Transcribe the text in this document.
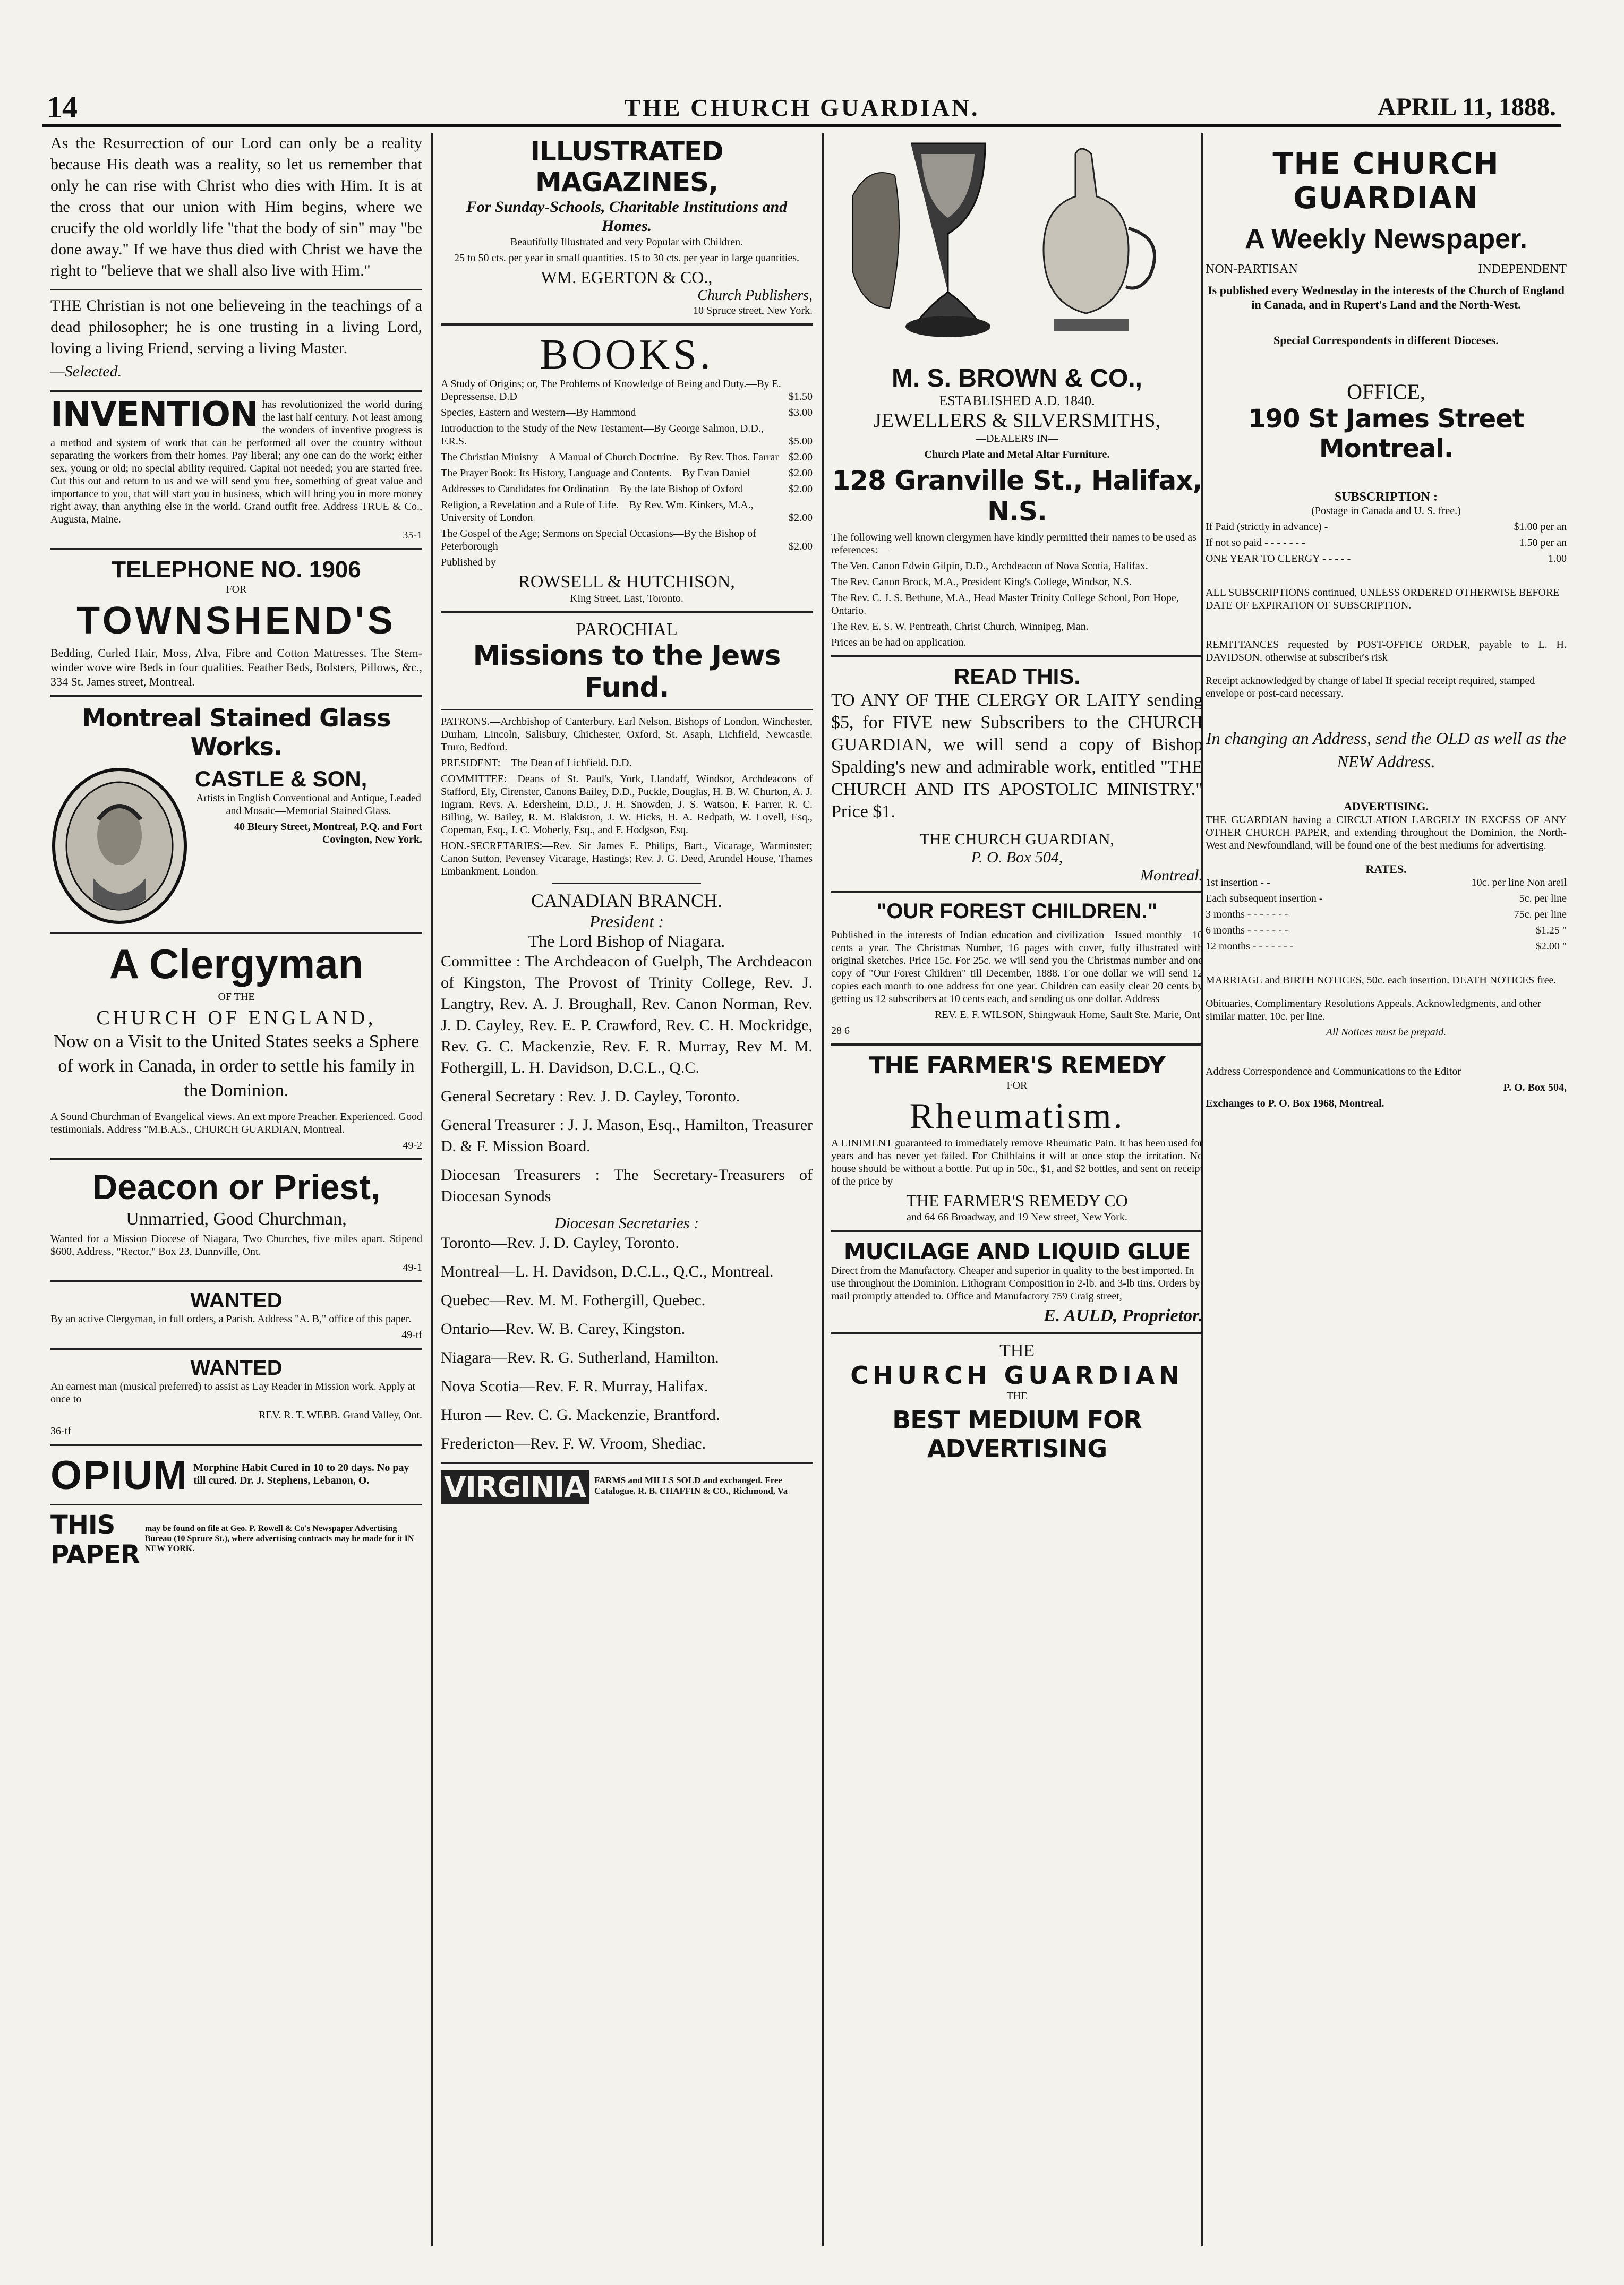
14	THE CHURCH GUARDIAN.	APRIL 11, 1888.

As the Resurrection of our Lord can only be a reality because His death was a reality, so let us remember that only he can rise with Christ who dies with Him. It is at the cross that our union with Him begins, where we crucify the old worldly life "that the body of sin" may "be done away." If we have thus died with Christ we have the right to "believe that we shall also live with Him."

THE Christian is not one believeing in the teachings of a dead philosopher; he is one trusting in a living Lord, loving a living Friend, serving a living Master.

—Selected.

INVENTION has revolutionized the world during the last half century. Not least among the wonders of inventive progress is a method and system of work that can be performed all over the country without separating the workers from their homes. Pay liberal; any one can do the work; either sex, young or old; no special ability required. Capital not needed; you are started free. Cut this out and return to us and we will send you free, something of great value and importance to you, that will start you in business, which will bring you in more money right away, than anything else in the world. Grand outfit free. Address TRUE & Co., Augusta, Maine.

35-1
TELEPHONE NO. 1906
FOR
TOWNSHEND'S

Bedding, Curled Hair, Moss, Alva, Fibre and Cotton Mattresses. The Stem-winder wove wire Beds in four qualities. Feather Beds, Bolsters, Pillows, &c., 334 St. James street, Montreal.

Montreal Stained Glass Works.
CASTLE & SON,

Artists in English Conventional and Antique, Leaded and Mosaic—Memorial Stained Glass.

40 Bleury Street, Montreal, P.Q. and Fort Covington, New York.

A Clergyman
OF THE
CHURCH OF ENGLAND,

Now on a Visit to the United States seeks a Sphere of work in Canada, in order to settle his family in the Dominion.

A Sound Churchman of Evangelical views. An ext mpore Preacher. Experienced. Good testimonials. Address "M.B.A.S., CHURCH GUARDIAN, Montreal.

49-2
Deacon or Priest,
Unmarried, Good Churchman,

Wanted for a Mission Diocese of Niagara, Two Churches, five miles apart. Stipend $600, Address, "Rector," Box 23, Dunnville, Ont.

49-1
WANTED

By an active Clergyman, in full orders, a Parish. Address "A. B," office of this paper.

49-tf
WANTED

An earnest man (musical preferred) to assist as Lay Reader in Mission work. Apply at once to

REV. R. T. WEBB. Grand Valley, Ont.
36-tf
OPIUM Morphine Habit Cured in 10 to 20 days. No pay till cured. Dr. J. Stephens, Lebanon, O.
THIS PAPER
may be found on file at Geo. P. Rowell & Co's Newspaper Advertising Bureau (10 Spruce St.), where advertising contracts may be made for it IN NEW YORK.
ILLUSTRATED MAGAZINES,
For Sunday-Schools, Charitable Institutions and Homes.

Beautifully Illustrated and very Popular with Children.

25 to 50 cts. per year in small quantities. 15 to 30 cts. per year in large quantities.

WM. EGERTON & CO.,
Church Publishers,
10 Spruce street, New York.
BOOKS.
A Study of Origins; or, The Problems of Knowledge of Being and Duty.—By E. Depressense, D.D	$1.50
Species, Eastern and Western—By Hammond	$3.00
Introduction to the Study of the New Testament—By George Salmon, D.D., F.R.S.	$5.00
The Christian Ministry—A Manual of Church Doctrine.—By Rev. Thos. Farrar $2.00
The Prayer Book: Its History, Language and Contents.—By Evan Daniel	$2.00
Addresses to Candidates for Ordination—By the late Bishop of Oxford	$2.00
Religion, a Revelation and a Rule of Life.—By Rev. Wm. Kinkers, M.A., University of London	$2.00
The Gospel of the Age; Sermons on Special Occasions—By the Bishop of Peterborough	$2.00
Published by
ROWSELL & HUTCHISON,
King Street, East, Toronto.
PAROCHIAL
Missions to the Jews Fund.

PATRONS.—Archbishop of Canterbury. Earl Nelson, Bishops of London, Winchester, Durham, Lincoln, Salisbury, Chichester, Oxford, St. Asaph, Lichfield, Newcastle. Truro, Bedford.

PRESIDENT:—The Dean of Lichfield. D.D.

COMMITTEE:—Deans of St. Paul's, York, Llandaff, Windsor, Archdeacons of Stafford, Ely, Cirenster, Canons Bailey, D.D., Puckle, Douglas, H. B. W. Churton, A. J. Ingram, Revs. A. Edersheim, D.D., J. H. Snowden, J. S. Watson, F. Farrer, R. C. Billing, W. Bailey, R. M. Blakiston, J. W. Hicks, H. A. Redpath, W. Lovell, Esq., Copeman, Esq., J. C. Moberly, Esq., and F. Hodgson, Esq.

HON.-SECRETARIES:—Rev. Sir James E. Philips, Bart., Vicarage, Warminster; Canon Sutton, Pevensey Vicarage, Hastings; Rev. J. G. Deed, Arundel House, Thames Embankment, London.

CANADIAN BRANCH.
President :
The Lord Bishop of Niagara.

Committee : The Archdeacon of Guelph, The Archdeacon of Kingston, The Provost of Trinity College, Rev. J. Langtry, Rev. A. J. Broughall, Rev. Canon Norman, Rev. J. D. Cayley, Rev. E. P. Crawford, Rev. C. H. Mockridge, Rev. G. C. Mackenzie, Rev. F. R. Murray, Rev M. M. Fothergill, L. H. Davidson, D.C.L., Q.C.

General Secretary : Rev. J. D. Cayley, Toronto.

General Treasurer : J. J. Mason, Esq., Hamilton, Treasurer D. & F. Mission Board.

Diocesan Treasurers : The Secretary-Treasurers of Diocesan Synods

Diocesan Secretaries :

Toronto—Rev. J. D. Cayley, Toronto.

Montreal—L. H. Davidson, D.C.L., Q.C., Montreal.

Quebec—Rev. M. M. Fothergill, Quebec.

Ontario—Rev. W. B. Carey, Kingston.

Niagara—Rev. R. G. Sutherland, Hamilton.

Nova Scotia—Rev. F. R. Murray, Halifax.

Huron — Rev. C. G. Mackenzie, Brantford.

Fredericton—Rev. F. W. Vroom, Shediac.

VIRGINIA FARMS and MILLS SOLD and exchanged. Free Catalogue. R. B. CHAFFIN & CO., Richmond, Va
M. S. BROWN & CO.,
ESTABLISHED A.D. 1840.
JEWELLERS & SILVERSMITHS,
—DEALERS IN—
Church Plate and Metal Altar Furniture.
128 Granville St., Halifax, N.S.

The following well known clergymen have kindly permitted their names to be used as references:—

The Ven. Canon Edwin Gilpin, D.D., Archdeacon of Nova Scotia, Halifax.

The Rev. Canon Brock, M.A., President King's College, Windsor, N.S.

The Rev. C. J. S. Bethune, M.A., Head Master Trinity College School, Port Hope, Ontario.

The Rev. E. S. W. Pentreath, Christ Church, Winnipeg, Man.

Prices an be had on application.

READ THIS.

TO ANY OF THE CLERGY OR LAITY sending $5, for FIVE new Subscribers to the CHURCH GUARDIAN, we will send a copy of Bishop Spalding's new and admirable work, entitled "THE CHURCH AND ITS APOSTOLIC MINISTRY." Price $1.

THE CHURCH GUARDIAN,
P. O. Box 504,
Montreal.
"OUR FOREST CHILDREN."

Published in the interests of Indian education and civilization—Issued monthly—10 cents a year. The Christmas Number, 16 pages with cover, fully illustrated with original sketches. Price 15c. For 25c. we will send you the Christmas number and one copy of "Our Forest Children" till December, 1888. For one dollar we will send 12 copies each month to one address for one year. Children can easily clear 20 cents by getting us 12 subscribers at 10 cents each, and sending us one dollar. Address

REV. E. F. WILSON, Shingwauk Home, Sault Ste. Marie, Ont.
28 6
THE FARMER'S REMEDY
FOR
Rheumatism.

A LINIMENT guaranteed to immediately remove Rheumatic Pain. It has been used for years and has never yet failed. For Chilblains it will at once stop the irritation. No house should be without a bottle. Put up in 50c., $1, and $2 bottles, and sent on receipt of the price by

THE FARMER'S REMEDY CO
and 64 66 Broadway, and 19 New street, New York.
MUCILAGE AND LIQUID GLUE

Direct from the Manufactory. Cheaper and superior in quality to the best imported. In use throughout the Dominion. Lithogram Composition in 2-lb. and 3-lb tins. Orders by mail promptly attended to. Office and Manufactory 759 Craig street,

E. AULD, Proprietor.
THE
CHURCH GUARDIAN
THE
BEST MEDIUM FOR ADVERTISING
THE CHURCH GUARDIAN
A Weekly Newspaper.
NON-PARTISAN	INDEPENDENT

Is published every Wednesday in the interests of the Church of England in Canada, and in Rupert's Land and the North-West.

Special Correspondents in different Dioceses.

OFFICE,
190 St James Street Montreal.
SUBSCRIPTION :
(Postage in Canada and U. S. free.)
If Paid (strictly in advance) -	$1.00 per an
If not so paid - - - - - - -	1.50 per an
ONE YEAR TO CLERGY - - - - -	1.00

ALL SUBSCRIPTIONS continued, UNLESS ORDERED OTHERWISE BEFORE DATE OF EXPIRATION OF SUBSCRIPTION.

REMITTANCES requested by POST-OFFICE ORDER, payable to L. H. DAVIDSON, otherwise at subscriber's risk

Receipt acknowledged by change of label If special receipt required, stamped envelope or post-card necessary.

In changing an Address, send the OLD as well as the NEW Address.

ADVERTISING.

THE GUARDIAN having a CIRCULATION LARGELY IN EXCESS OF ANY OTHER CHURCH PAPER, and extending throughout the Dominion, the North-West and Newfoundland, will be found one of the best mediums for advertising.

RATES.
1st insertion - -	10c. per line Non areil
Each subsequent insertion -	5c. per line
3 months - - - - - - -	75c. per line
6 months - - - - - - -	$1.25 "
12 months - - - - - - -	$2.00 "

MARRIAGE and BIRTH NOTICES, 50c. each insertion. DEATH NOTICES free.

Obituaries, Complimentary Resolutions Appeals, Acknowledgments, and other similar matter, 10c. per line.

All Notices must be prepaid.

Address Correspondence and Communications to the Editor

P. O. Box 504,
Exchanges to P. O. Box 1968, Montreal.
